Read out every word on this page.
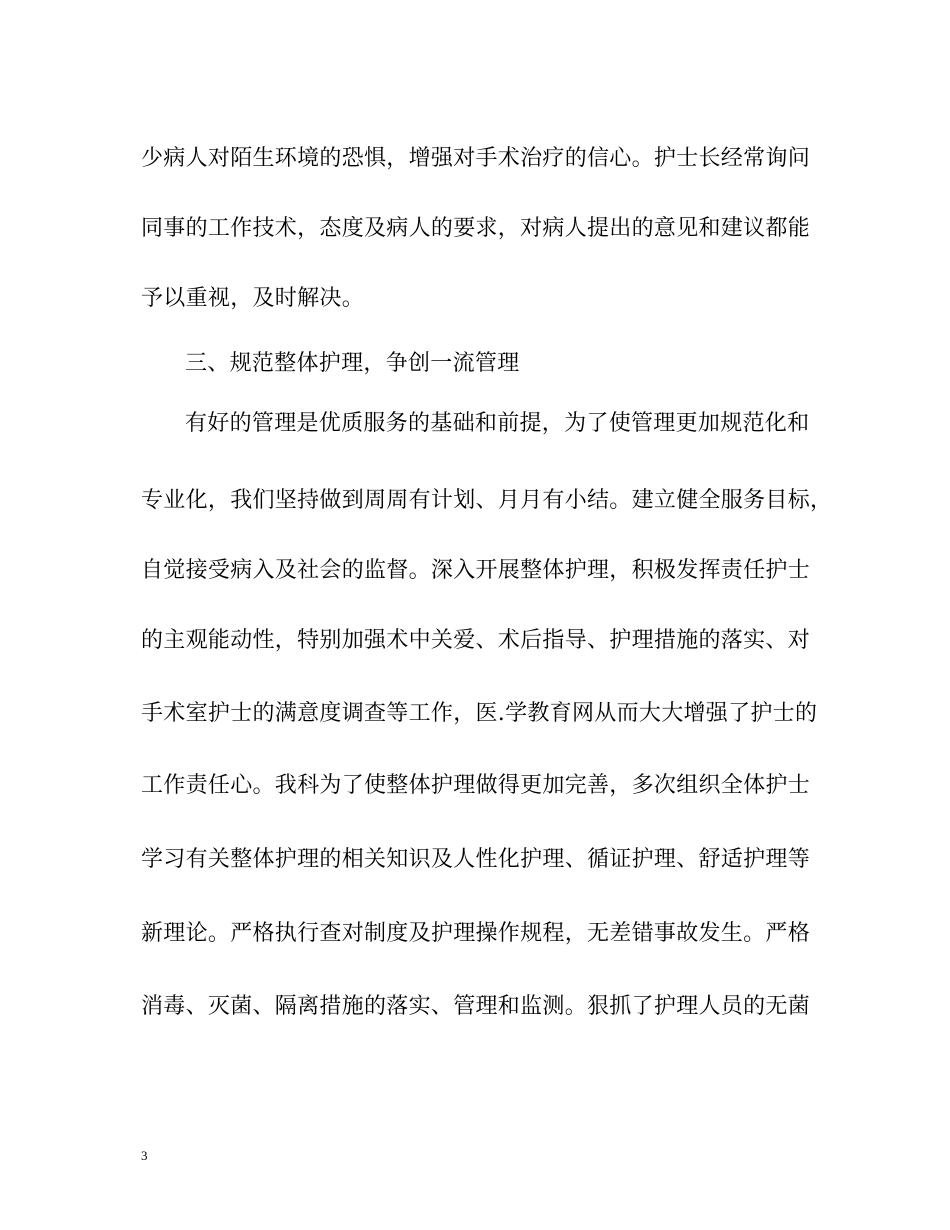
少病人对陌生环境的恐惧，增强对手术治疗的信心。护士长经常询问
同事的工作技术，态度及病人的要求，对病人提出的意见和建议都能
予以重视，及时解决。
三、规范整体护理，争创一流管理
有好的管理是优质服务的基础和前提，为了使管理更加规范化和
专业化，我们坚持做到周周有计划、月月有小结。建立健全服务目标，
自觉接受病入及社会的监督。深入开展整体护理，积极发挥责任护士
的主观能动性，特别加强术中关爱、术后指导、护理措施的落实、对
手术室护士的满意度调查等工作，医.学教育网从而大大增强了护士的
工作责任心。我科为了使整体护理做得更加完善，多次组织全体护士
学习有关整体护理的相关知识及人性化护理、循证护理、舒适护理等
新理论。严格执行查对制度及护理操作规程，无差错事故发生。严格
消毒、灭菌、隔离措施的落实、管理和监测。狠抓了护理人员的无菌
3
